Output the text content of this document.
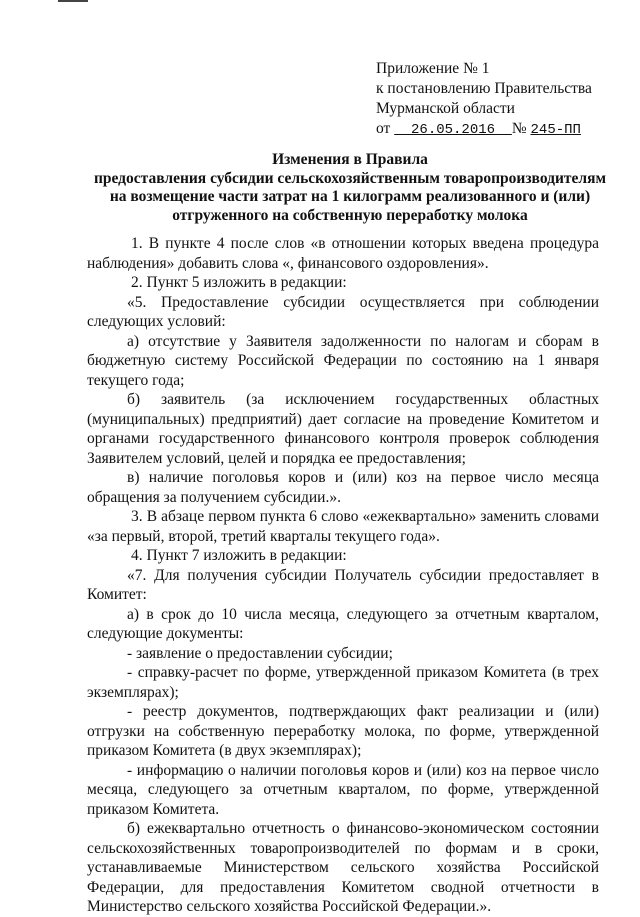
Приложение № 1
к постановлению Правительства
Мурманской области
от 26.05.2016 № 245-ПП
Изменения в Правила
предоставления субсидии сельскохозяйственным товаропроизводителям
на возмещение части затрат на 1 килограмм реализованного и (или)
отгруженного на собственную переработку молока

1. В пункте 4 после слов «в отношении которых введена процедура наблюдения» добавить слова «, финансового оздоровления».

2. Пункт 5 изложить в редакции:

«5. Предоставление субсидии осуществляется при соблюдении следующих условий:

а) отсутствие у Заявителя задолженности по налогам и сборам в бюджетную систему Российской Федерации по состоянию на 1 января текущего года;

б) заявитель (за исключением государственных областных (муниципальных) предприятий) дает согласие на проведение Комитетом и органами государственного финансового контроля проверок соблюдения Заявителем условий, целей и порядка ее предоставления;

в) наличие поголовья коров и (или) коз на первое число месяца обращения за получением субсидии.».

3. В абзаце первом пункта 6 слово «ежеквартально» заменить словами «за первый, второй, третий кварталы текущего года».

4. Пункт 7 изложить в редакции:

«7. Для получения субсидии Получатель субсидии предоставляет в Комитет:

а) в срок до 10 числа месяца, следующего за отчетным кварталом, следующие документы:

- заявление о предоставлении субсидии;

- справку-расчет по форме, утвержденной приказом Комитета (в трех экземплярах);

- реестр документов, подтверждающих факт реализации и (или) отгрузки на собственную переработку молока, по форме, утвержденной приказом Комитета (в двух экземплярах);

- информацию о наличии поголовья коров и (или) коз на первое число месяца, следующего за отчетным кварталом, по форме, утвержденной приказом Комитета.

б) ежеквартально отчетность о финансово-экономическом состоянии сельскохозяйственных товаропроизводителей по формам и в сроки, устанавливаемые Министерством сельского хозяйства Российской Федерации, для предоставления Комитетом сводной отчетности в Министерство сельского хозяйства Российской Федерации.».
